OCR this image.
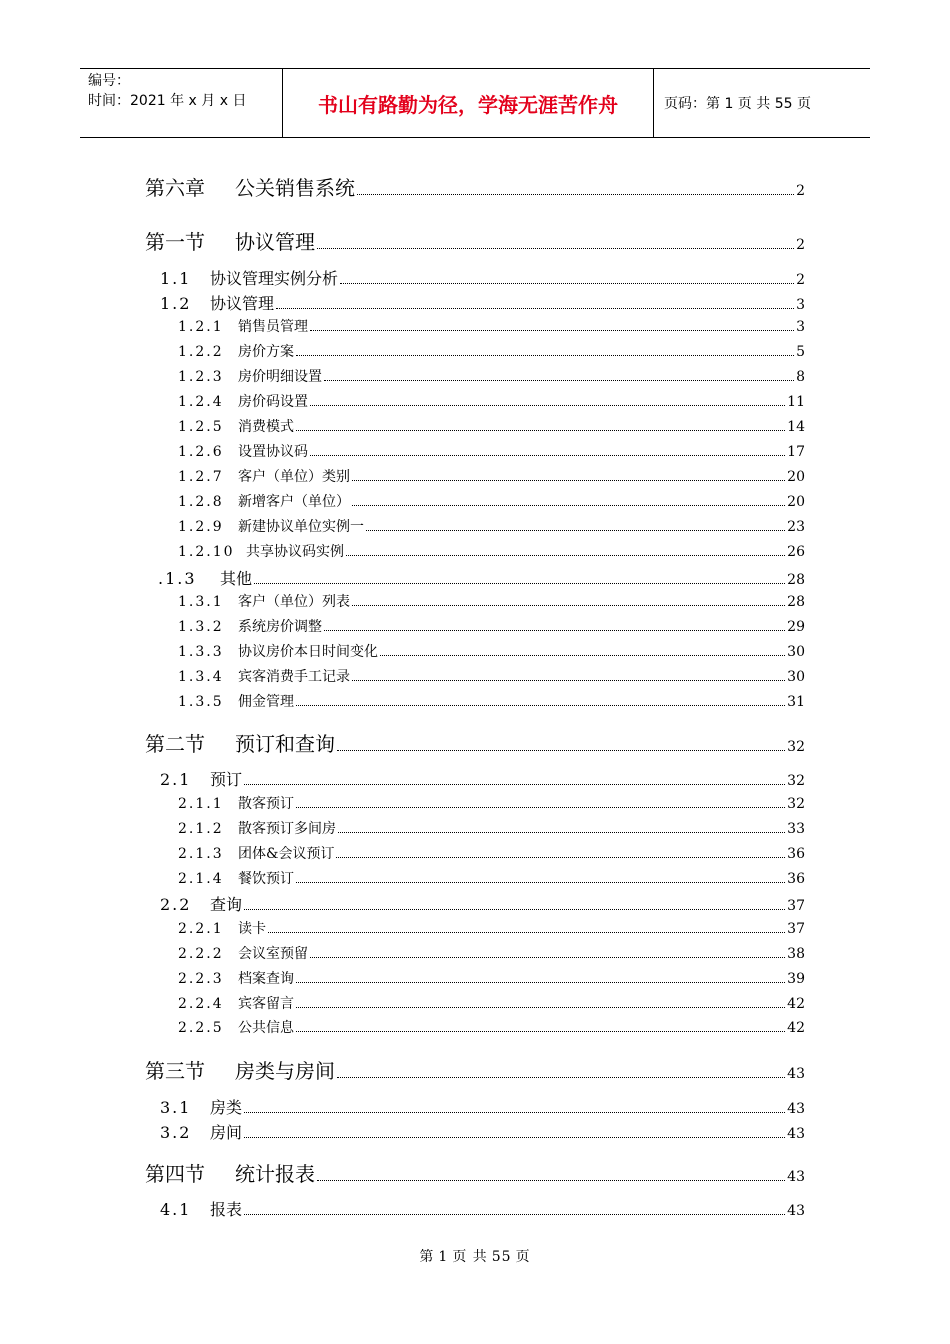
编号：
时间：2021 年 x 月 x 日	书山有路勤为径，学海无涯苦作舟	页码：第 1 页 共 55 页
第六章	公关销售系统	2
第一节	协议管理	2
1.1	协议管理实例分析	2
1.2	协议管理	3
1.2.1	销售员管理	3
1.2.2	房价方案	5
1.2.3	房价明细设置	8
1.2.4	房价码设置	11
1.2.5	消费模式	14
1.2.6	设置协议码	17
1.2.7	客户（单位）类别	20
1.2.8	新增客户（单位）	20
1.2.9	新建协议单位实例一	23
1.2.10 共享协议码实例	26
.1.3	其他	28
1.3.1	客户（单位）列表	28
1.3.2	系统房价调整	29
1.3.3	协议房价本日时间变化	30
1.3.4	宾客消费手工记录	30
1.3.5	佣金管理	31
第二节	预订和查询	32
2.1	预订	32
2.1.1	散客预订	32
2.1.2	散客预订多间房	33
2.1.3	团体&会议预订	36
2.1.4	餐饮预订	36
2.2	查询	37
2.2.1	读卡	37
2.2.2	会议室预留	38
2.2.3	档案查询	39
2.2.4	宾客留言	42
2.2.5	公共信息	42
第三节	房类与房间	43
3.1	房类	43
3.2	房间	43
第四节	统计报表	43
4.1	报表	43
第 1 页 共 55 页
